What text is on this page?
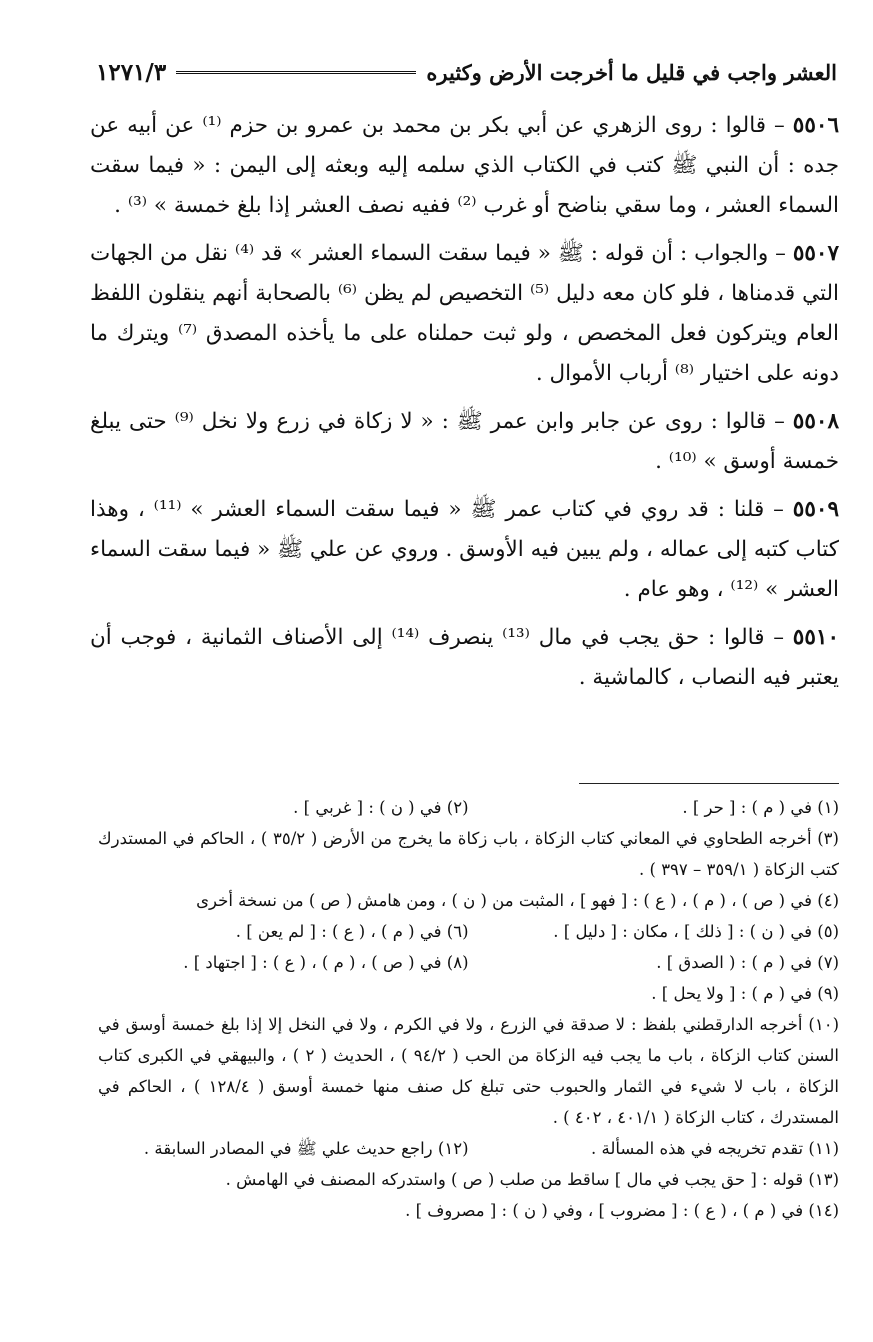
العشر واجب في قليل ما أخرجت الأرض وكثيره
١٢٧١/٣

٥٥٠٦ – قالوا : روى الزهري عن أبي بكر بن محمد بن عمرو بن حزم ⁽¹⁾ عن أبيه عن جده : أن النبي ﷺ كتب في الكتاب الذي سلمه إليه وبعثه إلى اليمن : « فيما سقت السماء العشر ، وما سقي بناضح أو غرب ⁽²⁾ ففيه نصف العشر إذا بلغ خمسة » ⁽³⁾ .

٥٥٠٧ – والجواب : أن قوله : ﷺ « فيما سقت السماء العشر » قد ⁽⁴⁾ نقل من الجهات التي قدمناها ، فلو كان معه دليل ⁽⁵⁾ التخصيص لم يظن ⁽⁶⁾ بالصحابة أنهم ينقلون اللفظ العام ويتركون فعل المخصص ، ولو ثبت حملناه على ما يأخذه المصدق ⁽⁷⁾ ويترك ما دونه على اختيار ⁽⁸⁾ أرباب الأموال .

٥٥٠٨ – قالوا : روى عن جابر وابن عمر ﷺ : « لا زكاة في زرع ولا نخل ⁽⁹⁾ حتى يبلغ خمسة أوسق » ⁽¹⁰⁾ .

٥٥٠٩ – قلنا : قد روي في كتاب عمر ﷺ « فيما سقت السماء العشر » ⁽¹¹⁾ ، وهذا كتاب كتبه إلى عماله ، ولم يبين فيه الأوسق . وروي عن علي ﷺ « فيما سقت السماء العشر » ⁽¹²⁾ ، وهو عام .

٥٥١٠ – قالوا : حق يجب في مال ⁽¹³⁾ ينصرف ⁽¹⁴⁾ إلى الأصناف الثمانية ، فوجب أن يعتبر فيه النصاب ، كالماشية .

(١) في ( م ) : [ حر ] .
(٢) في ( ن ) : [ غربي ] .
(٣) أخرجه الطحاوي في المعاني كتاب الزكاة ، باب زكاة ما يخرج من الأرض ( ٣٥/٢ ) ، الحاكم في المستدرك كتب الزكاة ( ٣٥٩/١ – ٣٩٧ ) .
(٤) في ( ص ) ، ( م ) ، ( ع ) : [ فهو ] ، المثبت من ( ن ) ، ومن هامش ( ص ) من نسخة أخرى
(٥) في ( ن ) : [ ذلك ] ، مكان : [ دليل ] .
(٦) في ( م ) ، ( ع ) : [ لم يعن ] .
(٧) في ( م ) : ( الصدق ] .
(٨) في ( ص ) ، ( م ) ، ( ع ) : [ اجتهاد ] .
(٩) في ( م ) : [ ولا يحل ] .
(١٠) أخرجه الدارقطني بلفظ : لا صدقة في الزرع ، ولا في الكرم ، ولا في النخل إلا إذا بلغ خمسة أوسق في السنن كتاب الزكاة ، باب ما يجب فيه الزكاة من الحب ( ٩٤/٢ ) ، الحديث ( ٢ ) ، والبيهقي في الكبرى كتاب الزكاة ، باب لا شيء في الثمار والحبوب حتى تبلغ كل صنف منها خمسة أوسق ( ١٢٨/٤ ) ، الحاكم في المستدرك ، كتاب الزكاة ( ٤٠١/١ ، ٤٠٢ ) .
(١١) تقدم تخريجه في هذه المسألة .
(١٢) راجع حديث علي ﷺ في المصادر السابقة .
(١٣) قوله : [ حق يجب في مال ] ساقط من صلب ( ص ) واستدركه المصنف في الهامش .
(١٤) في ( م ) ، ( ع ) : [ مضروب ] ، وفي ( ن ) : [ مصروف ] .
